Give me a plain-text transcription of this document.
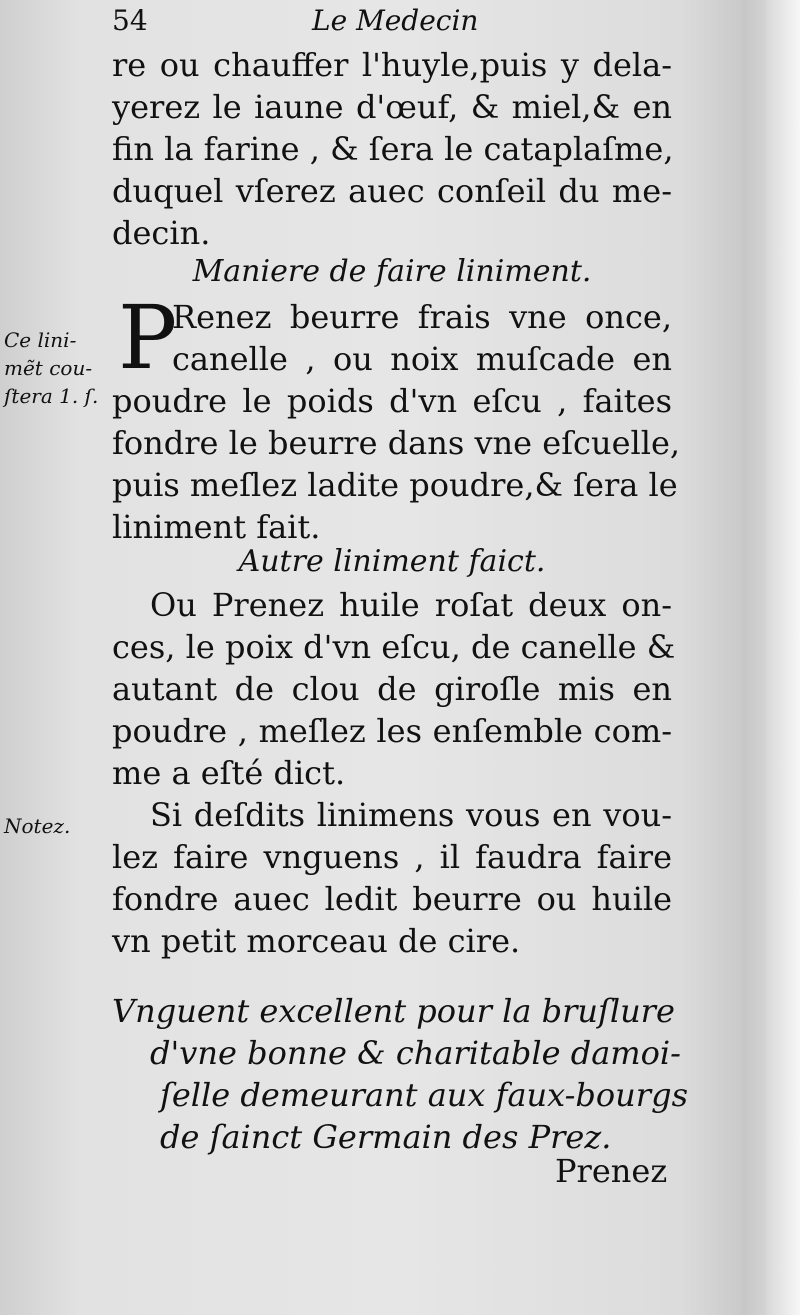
54	Le Medecin
re ou chauffer l'huyle,puis y dela-
yerez le iaune d'œuf, & miel,& en
fin la farine , & ſera le cataplaſme,
duquel vſerez auec conſeil du me-
decin.
Maniere de faire liniment.
P
Renez beurre frais vne once,
canelle , ou noix muſcade en
poudre le poids d'vn eſcu , faites
fondre le beurre dans vne eſcuelle,
puis meſlez ladite poudre,& ſera le
liniment fait.
Ce lini-
mẽt cou-
ſtera 1. ſ.
Autre liniment faict.
Ou Prenez huile roſat deux on-
ces, le poix d'vn eſcu, de canelle &
autant de clou de giroſle mis en
poudre , meſlez les enſemble com-
me a eſté dict.
Si deſdits linimens vous en vou-
lez faire vnguens , il faudra faire
fondre auec ledit beurre ou huile
vn petit morceau de cire.
Notez.
Vnguent excellent pour la bruſlure
d'vne bonne & charitable damoi-
ſelle demeurant aux faux-bourgs
de ſainct Germain des Prez.
Prenez
